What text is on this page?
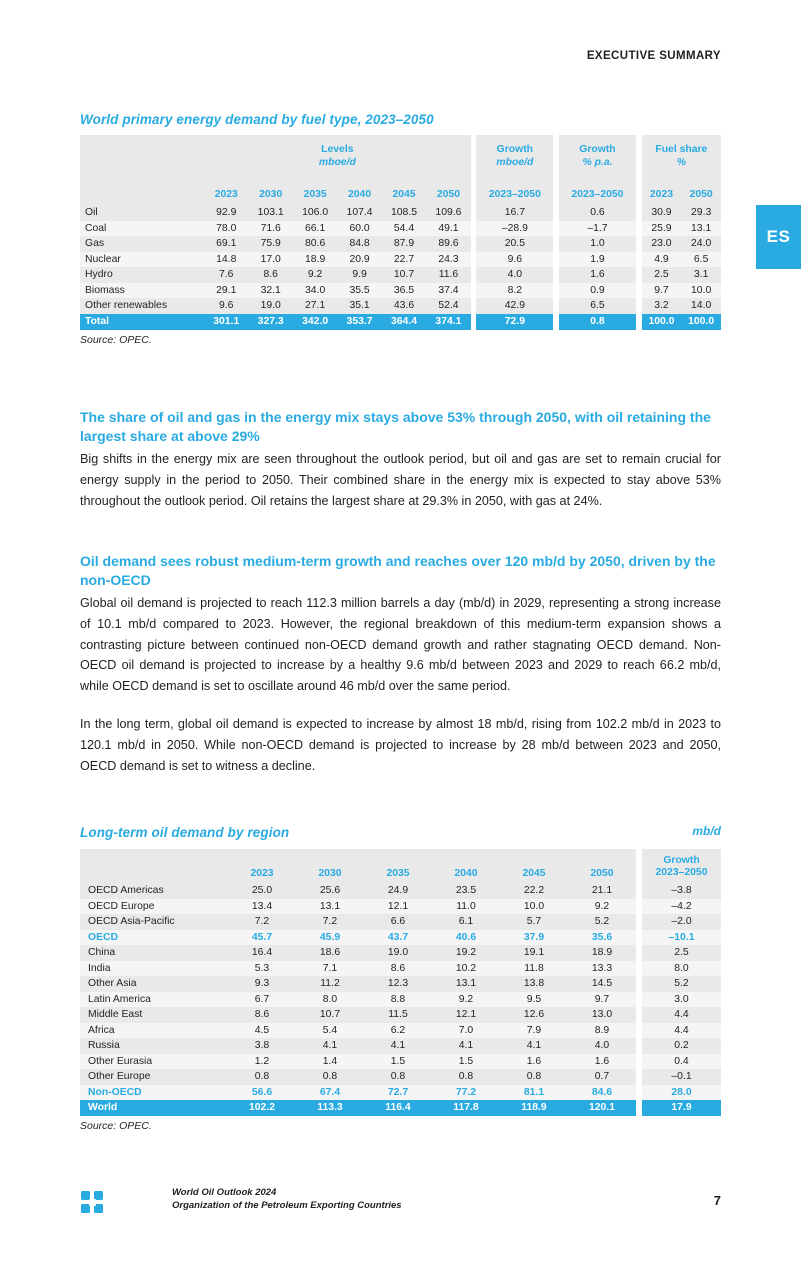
EXECUTIVE SUMMARY
ES
World primary energy demand by fuel type, 2023–2050
	Levels							Growth		Growth		Fuel share	
	mboe/d							mboe/d		% p.a.		%	
	2023	2030	2035	2040	2045	2050		2023–2050		2023–2050		2023	2050
Oil	92.9	103.1	106.0	107.4	108.5	109.6		16.7		0.6		30.9	29.3
Coal	78.0	71.6	66.1	60.0	54.4	49.1		–28.9		–1.7		25.9	13.1
Gas	69.1	75.9	80.6	84.8	87.9	89.6		20.5		1.0		23.0	24.0
Nuclear	14.8	17.0	18.9	20.9	22.7	24.3		9.6		1.9		4.9	6.5
Hydro	7.6	8.6	9.2	9.9	10.7	11.6		4.0		1.6		2.5	3.1
Biomass	29.1	32.1	34.0	35.5	36.5	37.4		8.2		0.9		9.7	10.0
Other renewables	9.6	19.0	27.1	35.1	43.6	52.4		42.9		6.5		3.2	14.0
Total	301.1	327.3	342.0	353.7	364.4	374.1		72.9		0.8		100.0	100.0
Source: OPEC.
The share of oil and gas in the energy mix stays above 53% through 2050, with oil retaining the largest share at above 29%

Big shifts in the energy mix are seen throughout the outlook period, but oil and gas are set to remain crucial for energy supply in the period to 2050. Their combined share in the energy mix is expected to stay above 53% throughout the outlook period. Oil retains the largest share at 29.3% in 2050, with gas at 24%.

Oil demand sees robust medium-term growth and reaches over 120 mb/d by 2050, driven by the non-OECD

Global oil demand is projected to reach 112.3 million barrels a day (mb/d) in 2029, representing a strong increase of 10.1 mb/d compared to 2023. However, the regional breakdown of this medium-term expansion shows a contrasting picture between continued non-OECD demand growth and rather stagnating OECD demand. Non-OECD oil demand is projected to increase by a healthy 9.6 mb/d between 2023 and 2029 to reach 66.2 mb/d, while OECD demand is set to oscillate around 46 mb/d over the same period.

In the long term, global oil demand is expected to increase by almost 18 mb/d, rising from 102.2 mb/d in 2023 to 120.1 mb/d in 2050. While non-OECD demand is projected to increase by 28 mb/d between 2023 and 2050, OECD demand is set to witness a decline.

mb/d
Long-term oil demand by region
	2023	2030	2035	2040	2045	2050		Growth
2023–2050

OECD Americas	25.0	25.6	24.9	23.5	22.2	21.1		–3.8
OECD Europe	13.4	13.1	12.1	11.0	10.0	9.2		–4.2
OECD Asia-Pacific	7.2	7.2	6.6	6.1	5.7	5.2		–2.0
OECD	45.7	45.9	43.7	40.6	37.9	35.6		–10.1
China	16.4	18.6	19.0	19.2	19.1	18.9		2.5
India	5.3	7.1	8.6	10.2	11.8	13.3		8.0
Other Asia	9.3	11.2	12.3	13.1	13.8	14.5		5.2
Latin America	6.7	8.0	8.8	9.2	9.5	9.7		3.0
Middle East	8.6	10.7	11.5	12.1	12.6	13.0		4.4
Africa	4.5	5.4	6.2	7.0	7.9	8.9		4.4
Russia	3.8	4.1	4.1	4.1	4.1	4.0		0.2
Other Eurasia	1.2	1.4	1.5	1.5	1.6	1.6		0.4
Other Europe	0.8	0.8	0.8	0.8	0.8	0.7		–0.1
Non-OECD	56.6	67.4	72.7	77.2	81.1	84.6		28.0
World	102.2	113.3	116.4	117.8	118.9	120.1		17.9
Source: OPEC.
World Oil Outlook 2024
Organization of the Petroleum Exporting Countries	7
